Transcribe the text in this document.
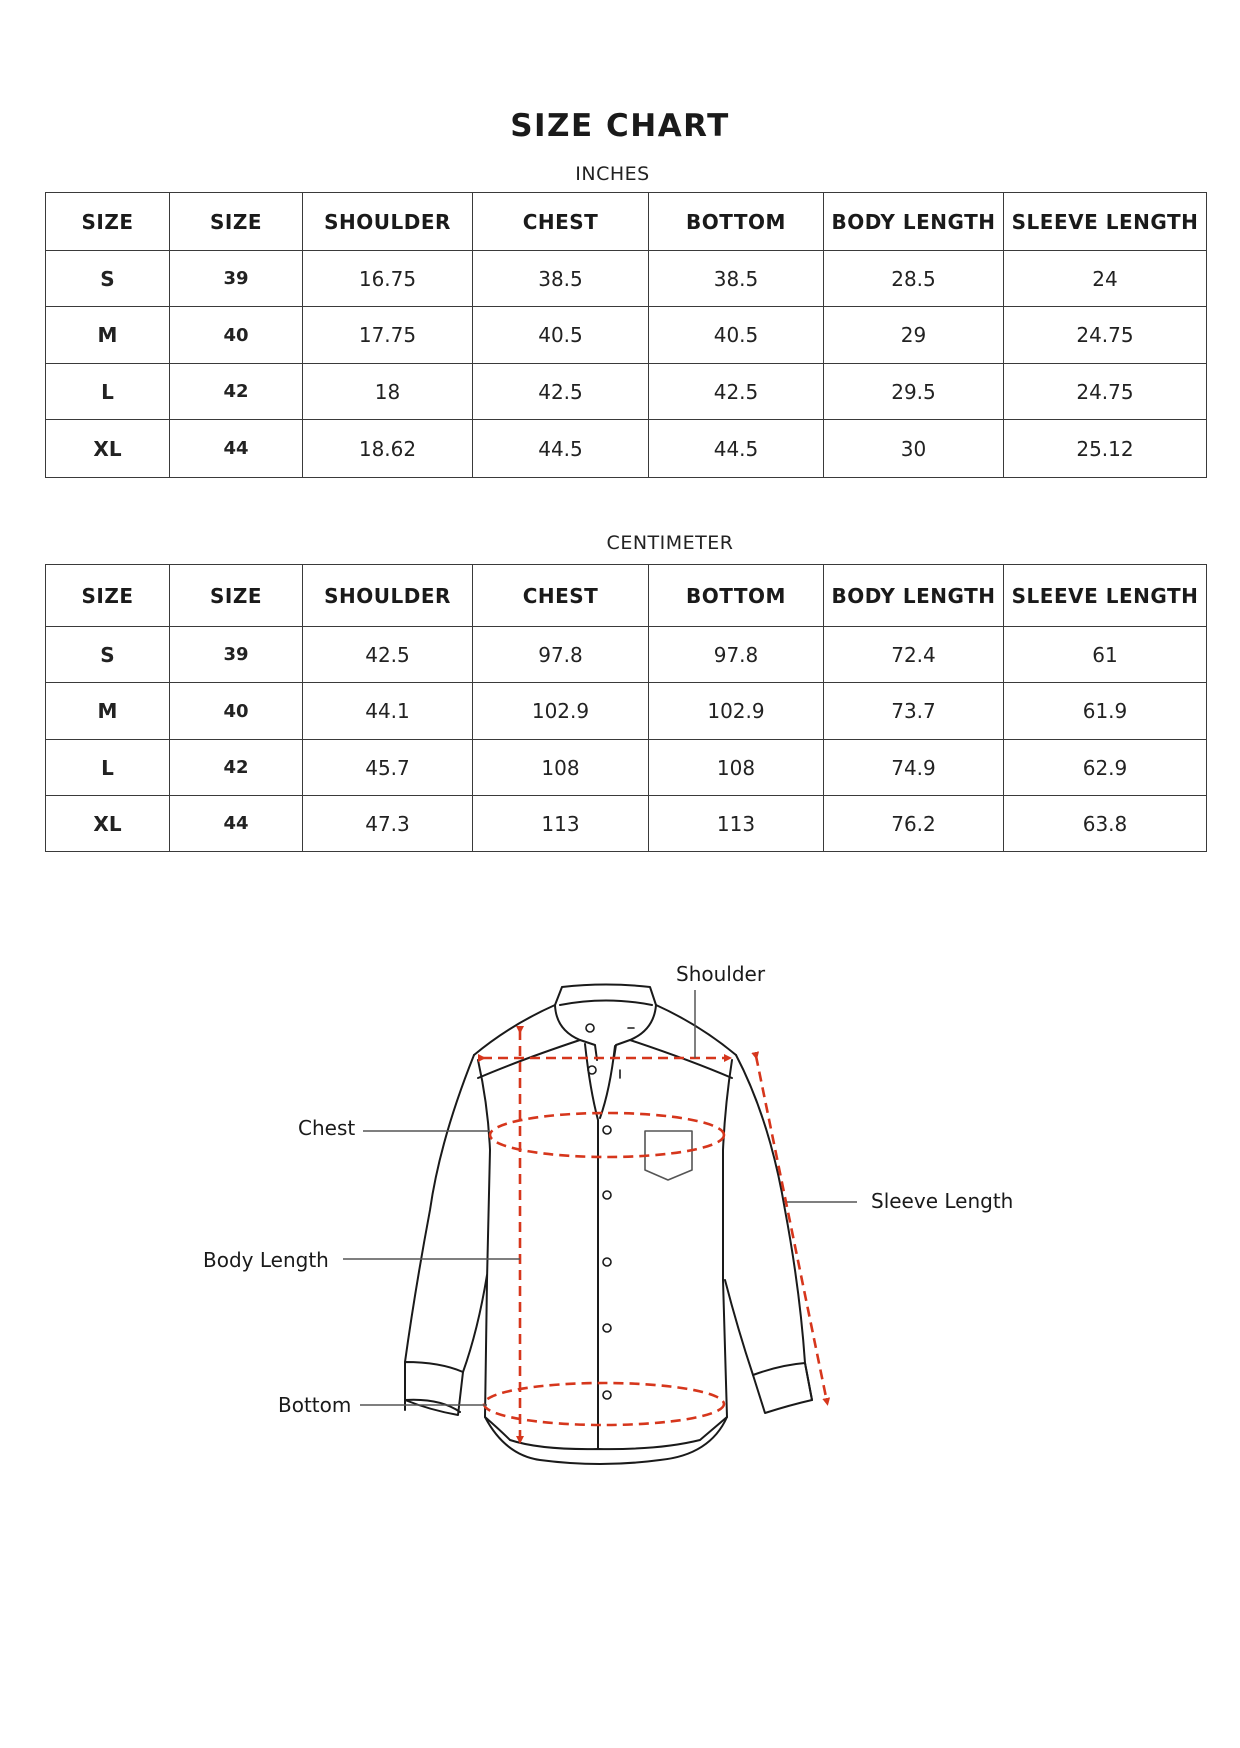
SIZE CHART
INCHES
SIZE	SIZE	SHOULDER	CHEST	BOTTOM	BODY LENGTH	SLEEVE LENGTH
S	39	16.75	38.5	38.5	28.5	24
M	40	17.75	40.5	40.5	29	24.75
L	42	18	42.5	42.5	29.5	24.75
XL	44	18.62	44.5	44.5	30	25.12
CENTIMETER
SIZE	SIZE	SHOULDER	CHEST	BOTTOM	BODY LENGTH	SLEEVE LENGTH
S	39	42.5	97.8	97.8	72.4	61
M	40	44.1	102.9	102.9	73.7	61.9
L	42	45.7	108	108	74.9	62.9
XL	44	47.3	113	113	76.2	63.8
Shoulder
Chest
Sleeve Length
Body Length
Bottom
